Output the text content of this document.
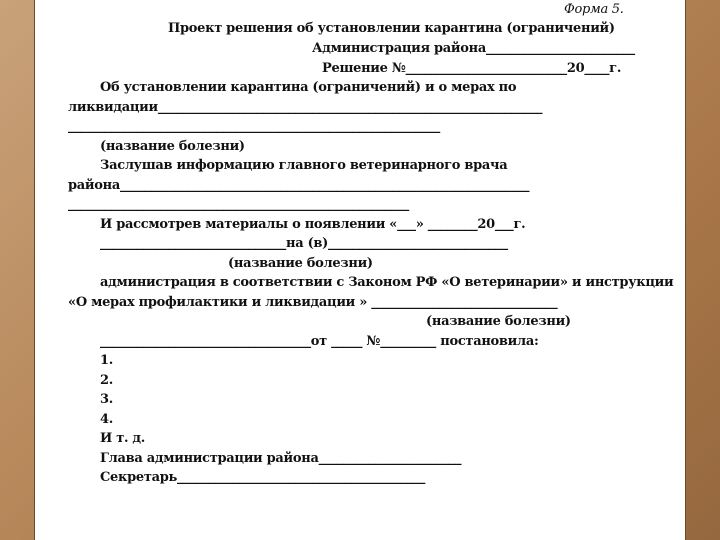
Форма 5.
Проект решения об установлении карантина (ограничений)
Администрация района________________________
Решение №__________________________20____г.
Об установлении карантина (ограничений) и о мерах по
ликвидации______________________________________________________________
____________________________________________________________
(название болезни)
Заслушав информацию главного ветеринарного врача
района__________________________________________________________________
_______________________________________________________
И рассмотрев материалы о появлении «___» ________20___г.
______________________________на (в)_____________________________
(название болезни)
администрация в соответствии с Законом РФ «О ветеринарии» и инструкции
«О мерах профилактики и ликвидации » ______________________________
(название болезни)
__________________________________от _____ №_________ постановила:
1.
2.
3.
4.
И т. д.
Глава администрации района_______________________
Секретарь________________________________________
